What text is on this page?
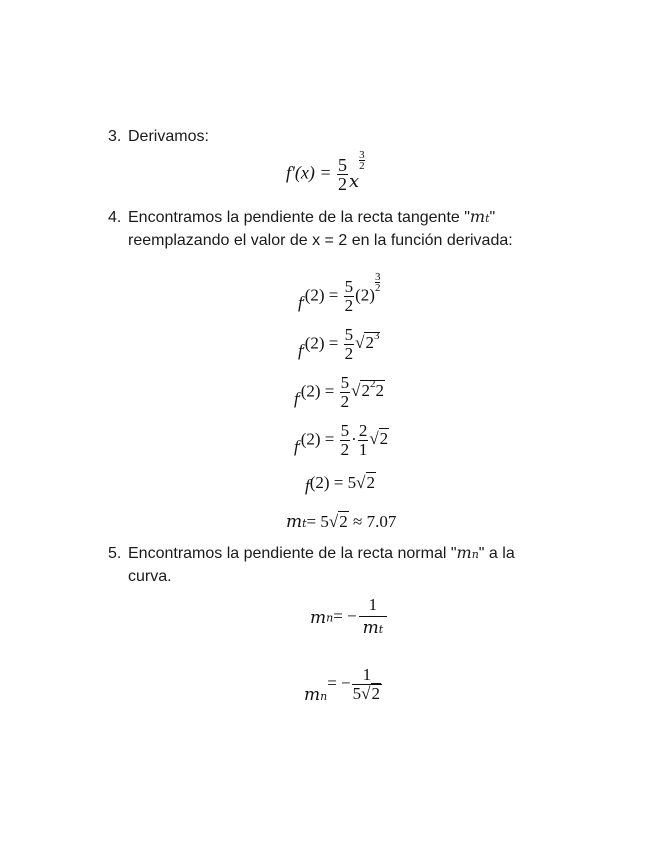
3. Derivamos:
$f'(x) = \frac{5}{2}$ x
$\frac{3}{2}$
4. Encontramos la pendiente de la recta tangente "mt"
reemplazando el valor de x = 2 en la función derivada:
$f'(2) = \frac{5}{2} (2)$
$\frac{3}{2}$
$f'(2) = \frac{5}{2} √2^3$
$f'(2) = \frac{5}{2} √2^22$
$f'(2) = \frac{5}{2} \cdot \frac{2}{1} √2$
f(2) = 5√2
mt= 5√2 ≈ 7.07
5. Encontramos la pendiente de la recta normal "mn" a la
curva.
$mn= - \frac{1}{mt}$
$m_n= - \frac{1}{5√2}$
